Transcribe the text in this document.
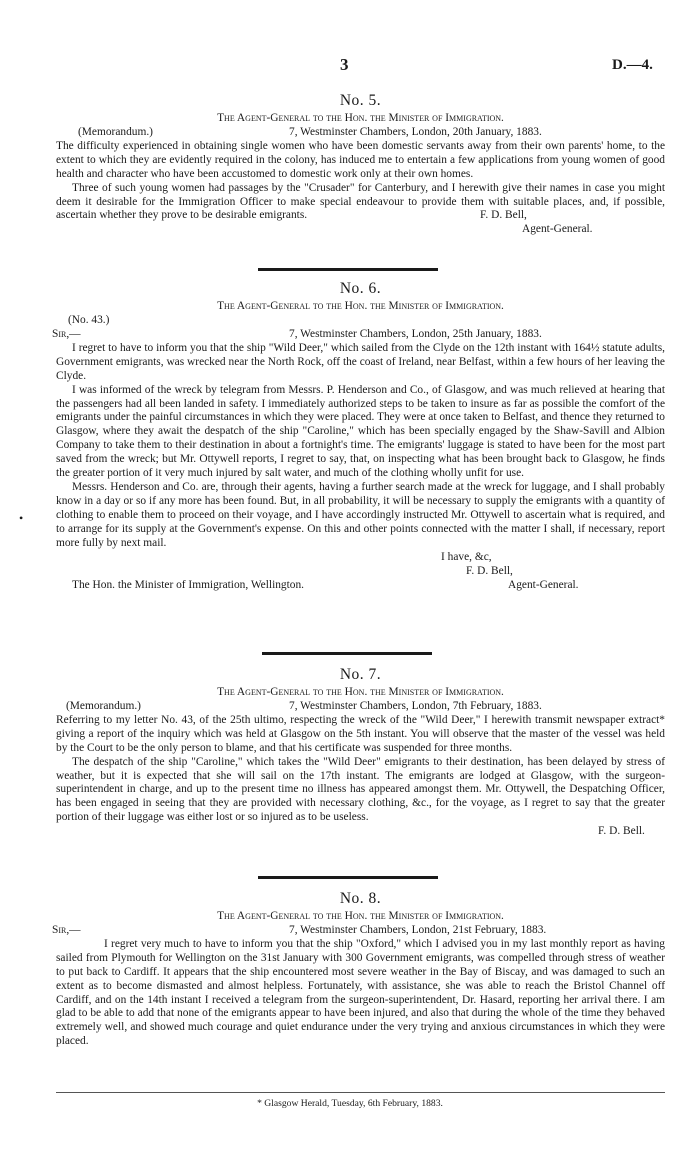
3	D.—4.
No. 5.
The Agent-General to the Hon. the Minister of Immigration.
(Memorandum.)	7, Westminster Chambers, London, 20th January, 1883.

The difficulty experienced in obtaining single women who have been domestic servants away from their own parents' home, to the extent to which they are evidently required in the colony, has induced me to entertain a few applications from young women of good health and character who have been accustomed to domestic work only at their own homes.

Three of such young women had passages by the "Crusader" for Canterbury, and I herewith give their names in case you might deem it desirable for the Immigration Officer to make special endeavour to provide them with suitable places, and, if possible, ascertain whether they prove to be desirable emigrants.	F. D. Bell,
Agent-General.
No. 6.
The Agent-General to the Hon. the Minister of Immigration.
(No. 43.)
Sir,—	7, Westminster Chambers, London, 25th January, 1883.

I regret to have to inform you that the ship "Wild Deer," which sailed from the Clyde on the 12th instant with 164½ statute adults, Government emigrants, was wrecked near the North Rock, off the coast of Ireland, near Belfast, within a few hours of her leaving the Clyde.

I was informed of the wreck by telegram from Messrs. P. Henderson and Co., of Glasgow, and was much relieved at hearing that the passengers had all been landed in safety. I immediately authorized steps to be taken to insure as far as possible the comfort of the emigrants under the painful circumstances in which they were placed. They were at once taken to Belfast, and thence they returned to Glasgow, where they await the despatch of the ship "Caroline," which has been specially engaged by the Shaw-Savill and Albion Company to take them to their destination in about a fortnight's time. The emigrants' luggage is stated to have been for the most part saved from the wreck; but Mr. Ottywell reports, I regret to say, that, on inspecting what has been brought back to Glasgow, he finds the greater portion of it very much injured by salt water, and much of the clothing wholly unfit for use.

Messrs. Henderson and Co. are, through their agents, having a further search made at the wreck for luggage, and I shall probably know in a day or so if any more has been found. But, in all probability, it will be necessary to supply the emigrants with a quantity of clothing to enable them to proceed on their voyage, and I have accordingly instructed Mr. Ottywell to ascertain what is required, and to arrange for its supply at the Government's expense. On this and other points connected with the matter I shall, if necessary, report more fully by next mail.

I have, &c,
F. D. Bell,
The Hon. the Minister of Immigration, Wellington.	Agent-General.
No. 7.
The Agent-General to the Hon. the Minister of Immigration.
(Memorandum.)	7, Westminster Chambers, London, 7th February, 1883.

Referring to my letter No. 43, of the 25th ultimo, respecting the wreck of the "Wild Deer," I herewith transmit newspaper extract* giving a report of the inquiry which was held at Glasgow on the 5th instant. You will observe that the master of the vessel was held by the Court to be the only person to blame, and that his certificate was suspended for three months.

The despatch of the ship "Caroline," which takes the "Wild Deer" emigrants to their destination, has been delayed by stress of weather, but it is expected that she will sail on the 17th instant. The emigrants are lodged at Glasgow, with the surgeon-superintendent in charge, and up to the present time no illness has appeared amongst them. Mr. Ottywell, the Despatching Officer, has been engaged in seeing that they are provided with necessary clothing, &c., for the voyage, as I regret to say that the greater portion of their luggage was either lost or so injured as to be useless.

F. D. Bell.
No. 8.
The Agent-General to the Hon. the Minister of Immigration.
Sir,—	7, Westminster Chambers, London, 21st February, 1883.

I regret very much to have to inform you that the ship "Oxford," which I advised you in my last monthly report as having sailed from Plymouth for Wellington on the 31st January with 300 Government emigrants, was compelled through stress of weather to put back to Cardiff. It appears that the ship encountered most severe weather in the Bay of Biscay, and was damaged to such an extent as to become dismasted and almost helpless. Fortunately, with assistance, she was able to reach the Bristol Channel off Cardiff, and on the 14th instant I received a telegram from the surgeon-superintendent, Dr. Hasard, reporting her arrival there. I am glad to be able to add that none of the emigrants appear to have been injured, and also that during the whole of the time they behaved extremely well, and showed much courage and quiet endurance under the very trying and anxious circumstances in which they were placed.

* Glasgow Herald, Tuesday, 6th February, 1883.
•
